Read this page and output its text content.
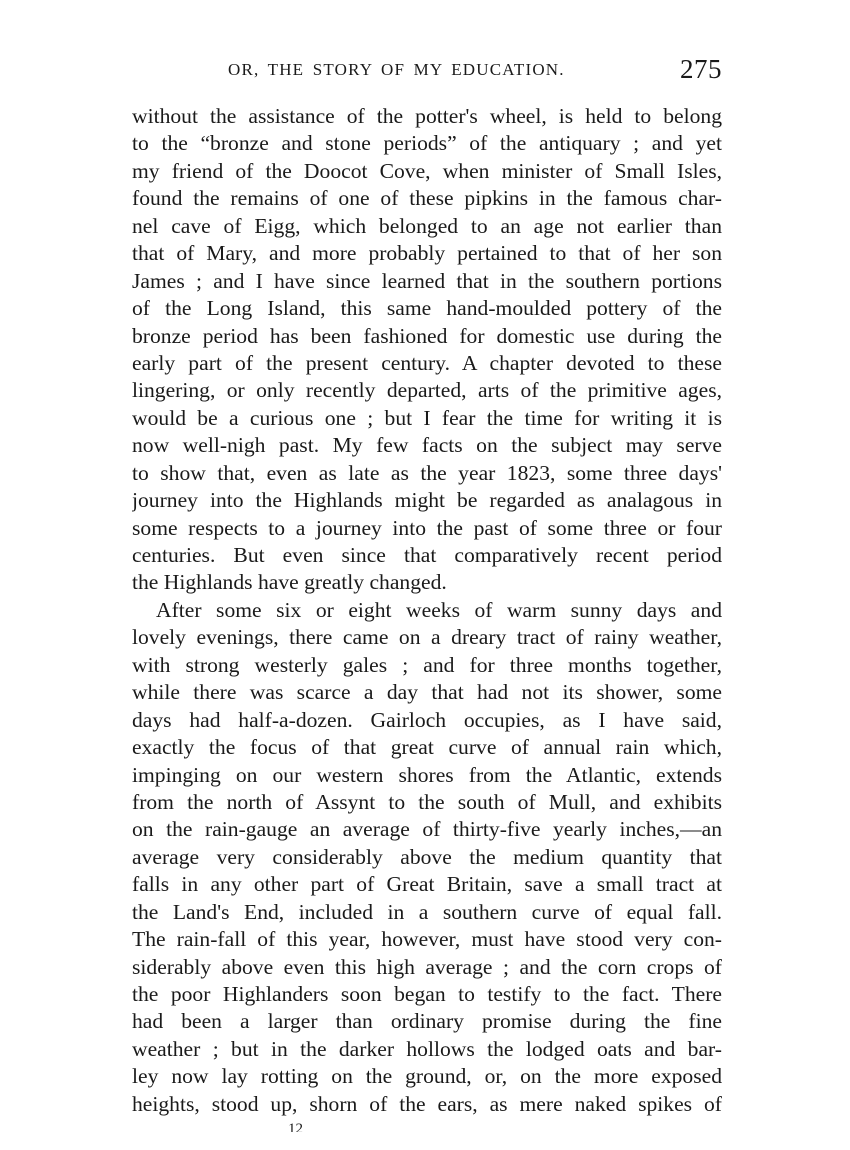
OR, THE STORY OF MY EDUCATION.	275
without the assistance of the potter's wheel, is held to belong
to the “bronze and stone periods” of the antiquary ; and yet
my friend of the Doocot Cove, when minister of Small Isles,
found the remains of one of these pipkins in the famous char-
nel cave of Eigg, which belonged to an age not earlier than
that of Mary, and more probably pertained to that of her son
James ; and I have since learned that in the southern portions
of the Long Island, this same hand-moulded pottery of the
bronze period has been fashioned for domestic use during the
early part of the present century. A chapter devoted to these
lingering, or only recently departed, arts of the primitive ages,
would be a curious one ; but I fear the time for writing it is
now well-nigh past. My few facts on the subject may serve
to show that, even as late as the year 1823, some three days'
journey into the Highlands might be regarded as analagous in
some respects to a journey into the past of some three or four
centuries. But even since that comparatively recent period
the Highlands have greatly changed.
After some six or eight weeks of warm sunny days and
lovely evenings, there came on a dreary tract of rainy weather,
with strong westerly gales ; and for three months together,
while there was scarce a day that had not its shower, some
days had half-a-dozen. Gairloch occupies, as I have said,
exactly the focus of that great curve of annual rain which,
impinging on our western shores from the Atlantic, extends
from the north of Assynt to the south of Mull, and exhibits
on the rain-gauge an average of thirty-five yearly inches,—an
average very considerably above the medium quantity that
falls in any other part of Great Britain, save a small tract at
the Land's End, included in a southern curve of equal fall.
The rain-fall of this year, however, must have stood very con-
siderably above even this high average ; and the corn crops of
the poor Highlanders soon began to testify to the fact. There
had been a larger than ordinary promise during the fine
weather ; but in the darker hollows the lodged oats and bar-
ley now lay rotting on the ground, or, on the more exposed
heights, stood up, shorn of the ears, as mere naked spikes of
12
